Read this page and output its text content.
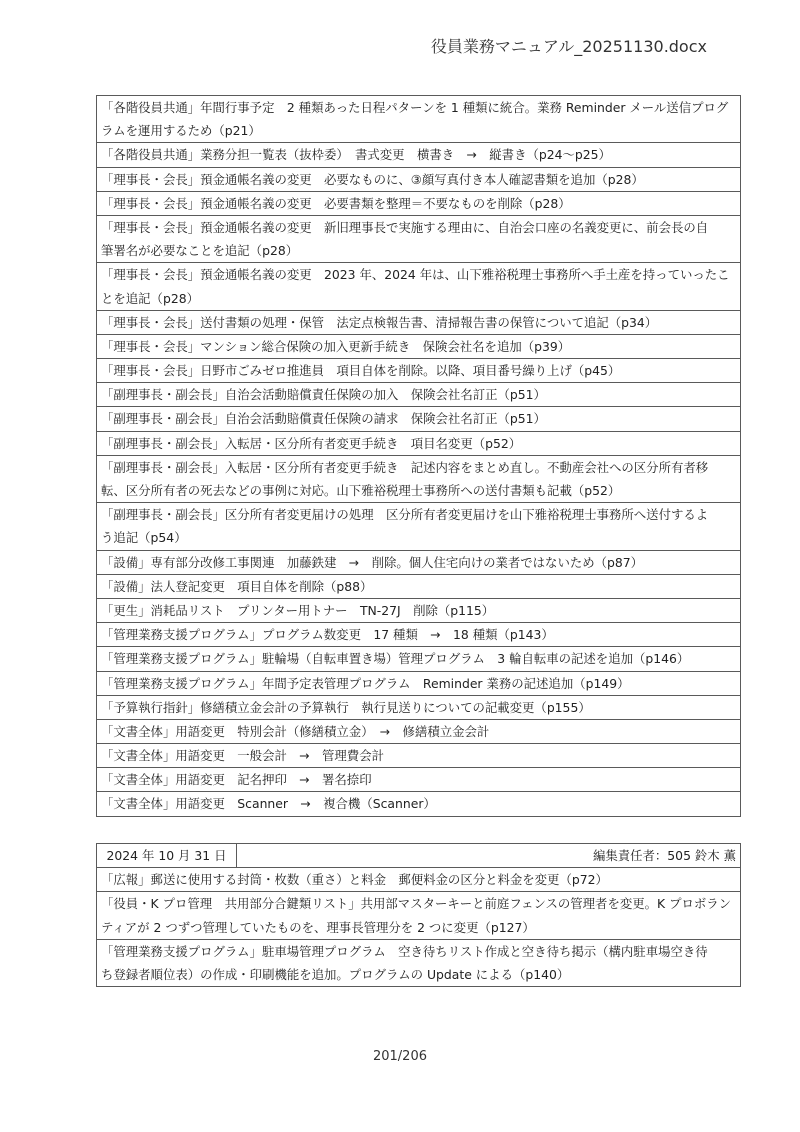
役員業務マニュアル_20251130.docx
「各階役員共通」年間行事予定　2 種類あった日程パターンを 1 種類に統合。業務 Reminder メール送信プログ
ラムを運用するため（p21）
「各階役員共通」業務分担一覧表（抜枠委）　書式変更　横書き　→　縦書き（p24〜p25）
「理事長・会長」預金通帳名義の変更　必要なものに、③顔写真付き本人確認書類を追加（p28）
「理事長・会長」預金通帳名義の変更　必要書類を整理＝不要なものを削除（p28）
「理事長・会長」預金通帳名義の変更　新旧理事長で実施する理由に、自治会口座の名義変更に、前会長の自
筆署名が必要なことを追記（p28）
「理事長・会長」預金通帳名義の変更　2023 年、2024 年は、山下雅裕税理士事務所へ手土産を持っていったこ
とを追記（p28）
「理事長・会長」送付書類の処理・保管　法定点検報告書、清掃報告書の保管について追記（p34）
「理事長・会長」マンション総合保険の加入更新手続き　保険会社名を追加（p39）
「理事長・会長」日野市ごみゼロ推進員　項目自体を削除。以降、項目番号繰り上げ（p45）
「副理事長・副会長」自治会活動賠償責任保険の加入　保険会社名訂正（p51）
「副理事長・副会長」自治会活動賠償責任保険の請求　保険会社名訂正（p51）
「副理事長・副会長」入転居・区分所有者変更手続き　項目名変更（p52）
「副理事長・副会長」入転居・区分所有者変更手続き　記述内容をまとめ直し。不動産会社への区分所有者移
転、区分所有者の死去などの事例に対応。山下雅裕税理士事務所への送付書類も記載（p52）
「副理事長・副会長」区分所有者変更届けの処理　区分所有者変更届けを山下雅裕税理士事務所へ送付するよ
う追記（p54）
「設備」専有部分改修工事関連　加藤鉄建　→　削除。個人住宅向けの業者ではないため（p87）
「設備」法人登記変更　項目自体を削除（p88）
「更生」消耗品リスト　プリンター用トナー　TN-27J　削除（p115）
「管理業務支援プログラム」プログラム数変更　17 種類　→　18 種類（p143）
「管理業務支援プログラム」駐輪場（自転車置き場）管理プログラム　3 輪自転車の記述を追加（p146）
「管理業務支援プログラム」年間予定表管理プログラム　Reminder 業務の記述追加（p149）
「予算執行指針」修繕積立金会計の予算執行　執行見送りについての記載変更（p155）
「文書全体」用語変更　特別会計（修繕積立金）　→　修繕積立金会計
「文書全体」用語変更　一般会計　→　管理費会計
「文書全体」用語変更　記名押印　→　署名捺印
「文書全体」用語変更　Scanner　→　複合機（Scanner）
2024 年 10 月 31 日	編集責任者：505 鈴木 薫
「広報」郵送に使用する封筒・枚数（重さ）と料金　郵便料金の区分と料金を変更（p72）
「役員・K プロ管理　共用部分合鍵類リスト」共用部マスターキーと前庭フェンスの管理者を変更。K プロボラン
ティアが 2 つずつ管理していたものを、理事長管理分を 2 つに変更（p127）
「管理業務支援プログラム」駐車場管理プログラム　空き待ちリスト作成と空き待ち掲示（構内駐車場空き待
ち登録者順位表）の作成・印刷機能を追加。プログラムの Update による（p140）
201/206
